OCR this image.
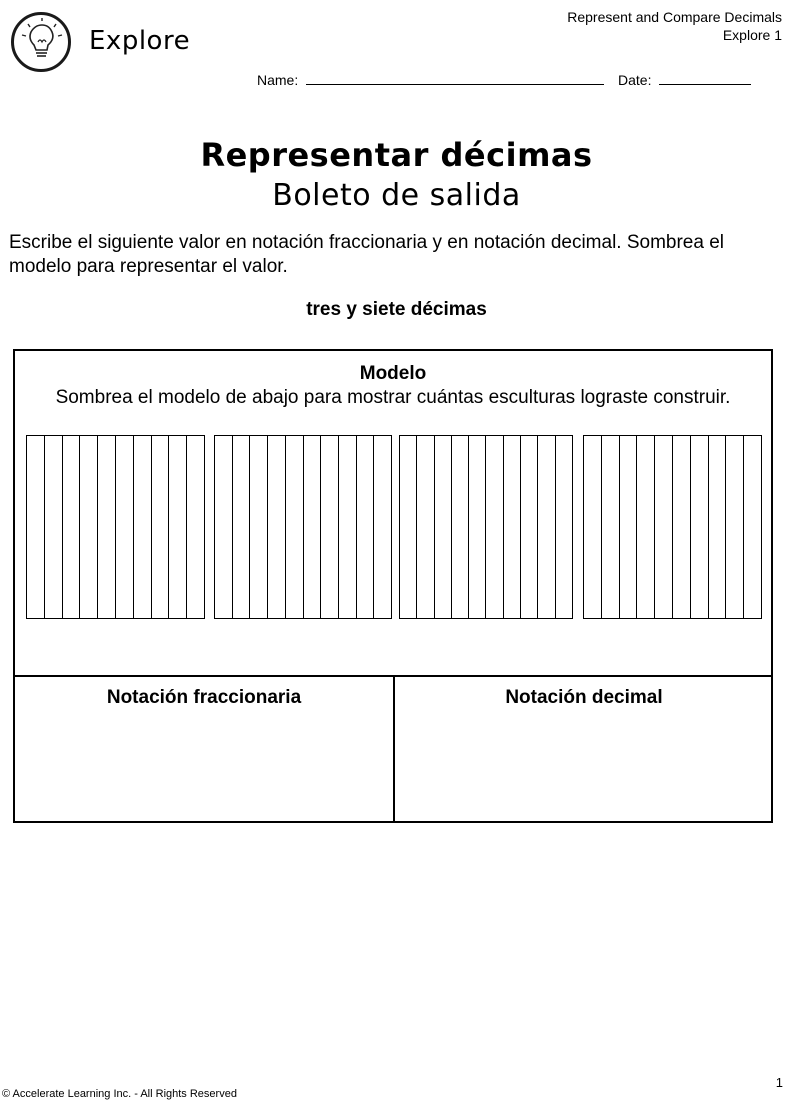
Explore
Represent and Compare Decimals
Explore 1
Name:	Date:
Representar décimas
Boleto de salida
Escribe el siguiente valor en notación fraccionaria y en notación decimal. Sombrea el modelo para representar el valor.
tres y siete décimas
Modelo
Sombrea el modelo de abajo para mostrar cuántas esculturas lograste construir.
Notación fraccionaria	Notación decimal
© Accelerate Learning Inc. - All Rights Reserved
1
